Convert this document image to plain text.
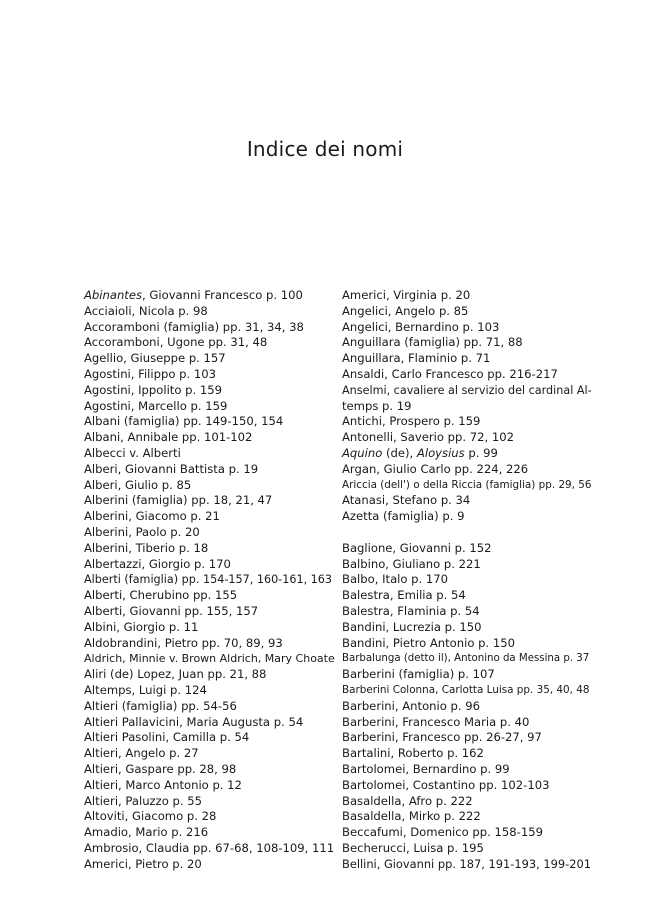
Indice dei nomi
Abinantes, Giovanni Francesco p. 100
Acciaioli, Nicola p. 98
Accoramboni (famiglia) pp. 31, 34, 38
Accoramboni, Ugone pp. 31, 48
Agellio, Giuseppe p. 157
Agostini, Filippo p. 103
Agostini, Ippolito p. 159
Agostini, Marcello p. 159
Albani (famiglia) pp. 149-150, 154
Albani, Annibale pp. 101-102
Albecci v. Alberti
Alberi, Giovanni Battista p. 19
Alberi, Giulio p. 85
Alberini (famiglia) pp. 18, 21, 47
Alberini, Giacomo p. 21
Alberini, Paolo p. 20
Alberini, Tiberio p. 18
Albertazzi, Giorgio p. 170
Alberti (famiglia) pp. 154-157, 160-161, 163
Alberti, Cherubino pp. 155
Alberti, Giovanni pp. 155, 157
Albini, Giorgio p. 11
Aldobrandini, Pietro pp. 70, 89, 93
Aldrich, Minnie v. Brown Aldrich, Mary Choate
Aliri (de) Lopez, Juan pp. 21, 88
Altemps, Luigi p. 124
Altieri (famiglia) pp. 54-56
Altieri Pallavicini, Maria Augusta p. 54
Altieri Pasolini, Camilla p. 54
Altieri, Angelo p. 27
Altieri, Gaspare pp. 28, 98
Altieri, Marco Antonio p. 12
Altieri, Paluzzo p. 55
Altoviti, Giacomo p. 28
Amadio, Mario p. 216
Ambrosio, Claudia pp. 67-68, 108-109, 111
Americi, Pietro p. 20
Americi, Virginia p. 20
Angelici, Angelo p. 85
Angelici, Bernardino p. 103
Anguillara (famiglia) pp. 71, 88
Anguillara, Flaminio p. 71
Ansaldi, Carlo Francesco pp. 216-217
Anselmi, cavaliere al servizio del cardinal Al-
temps p. 19
Antichi, Prospero p. 159
Antonelli, Saverio pp. 72, 102
Aquino (de), Aloysius p. 99
Argan, Giulio Carlo pp. 224, 226
Ariccia (dell') o della Riccia (famiglia) pp. 29, 56
Atanasi, Stefano p. 34
Azetta (famiglia) p. 9
Baglione, Giovanni p. 152
Balbino, Giuliano p. 221
Balbo, Italo p. 170
Balestra, Emilia p. 54
Balestra, Flaminia p. 54
Bandini, Lucrezia p. 150
Bandini, Pietro Antonio p. 150
Barbalunga (detto il), Antonino da Messina p. 37
Barberini (famiglia) p. 107
Barberini Colonna, Carlotta Luisa pp. 35, 40, 48
Barberini, Antonio p. 96
Barberini, Francesco Maria p. 40
Barberini, Francesco pp. 26-27, 97
Bartalini, Roberto p. 162
Bartolomei, Bernardino p. 99
Bartolomei, Costantino pp. 102-103
Basaldella, Afro p. 222
Basaldella, Mirko p. 222
Beccafumi, Domenico pp. 158-159
Becherucci, Luisa p. 195
Bellini, Giovanni pp. 187, 191-193, 199-201
